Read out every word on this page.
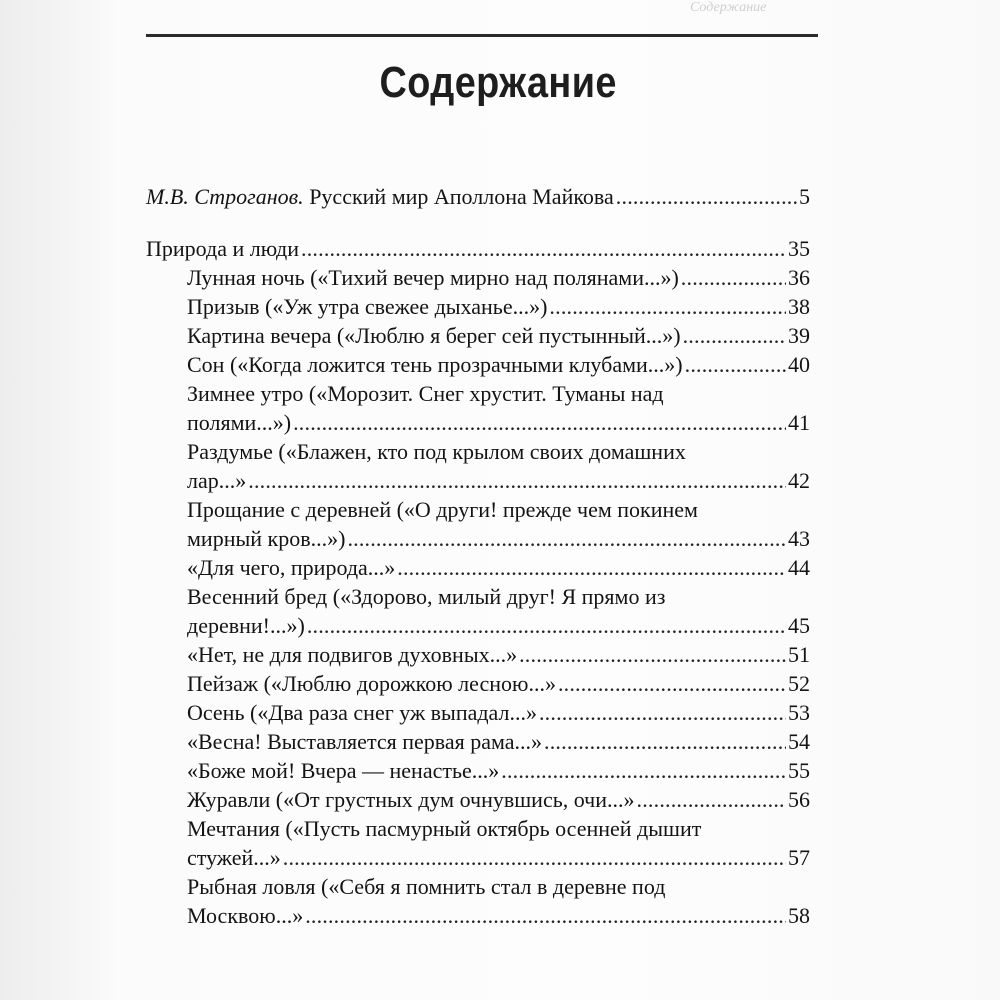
Содержание
Содержание
М.В. Строганов.
Русский мир Аполлона Майкова .....	5
Природа и люди .....	35
Лунная ночь («Тихий вечер мирно над полянами...») .....	36
Призыв («Уж утра свежее дыханье...») .....	38
Картина вечера («Люблю я берег сей пустынный...») .....	39
Сон («Когда ложится тень прозрачными клубами...») .....	40
Зимнее утро («Морозит. Снег хрустит. Туманы над
полями...») .....	41
Раздумье («Блажен, кто под крылом своих домашних
лар...» .....	42
Прощание с деревней («О други! прежде чем покинем
мирный кров...») .....	43
«Для чего, природа...» .....	44
Весенний бред («Здорово, милый друг! Я прямо из
деревни!...») .....	45
«Нет, не для подвигов духовных...» .....	51
Пейзаж («Люблю дорожкою лесною...» .....	52
Осень («Два раза снег уж выпадал...» .....	53
«Весна! Выставляется первая рама...» .....	54
«Боже мой! Вчера — ненастье...» .....	55
Журавли («От грустных дум очнувшись, очи...» .....	56
Мечтания («Пусть пасмурный октябрь осенней дышит
стужей...» .....	57
Рыбная ловля («Себя я помнить стал в деревне под
Москвою...» .....	58
